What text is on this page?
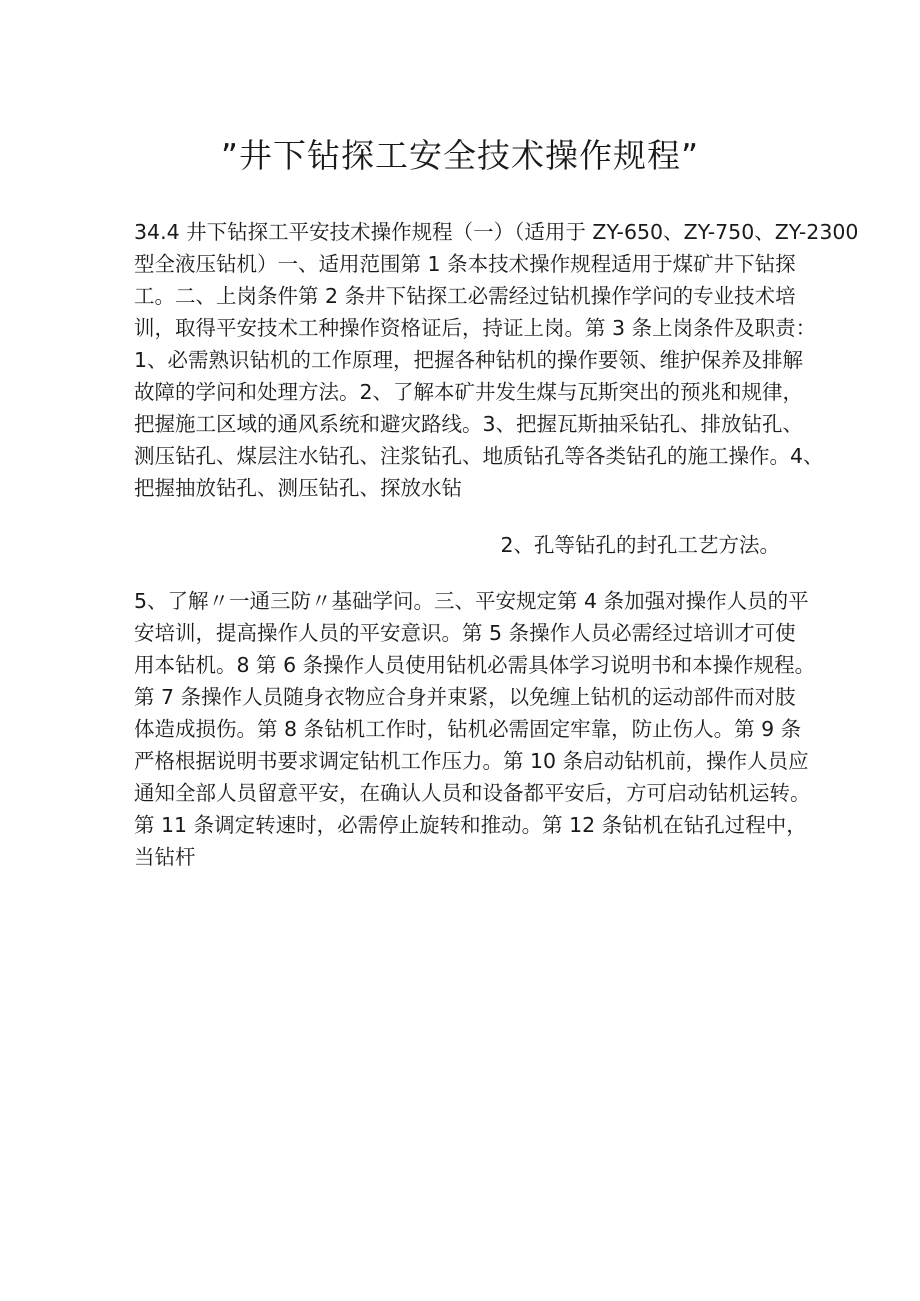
”井下钻探工安全技术操作规程”
34.4 井下钻探工平安技术操作规程（一）（适用于 ZY-650、ZY-750、ZY-2300
型全液压钻机）一、适用范围第 1 条本技术操作规程适用于煤矿井下钻探
工。二、上岗条件第 2 条井下钻探工必需经过钻机操作学问的专业技术培
训，取得平安技术工种操作资格证后，持证上岗。第 3 条上岗条件及职责：
1、必需熟识钻机的工作原理，把握各种钻机的操作要领、维护保养及排解
故障的学问和处理方法。2、了解本矿井发生煤与瓦斯突出的预兆和规律，
把握施工区域的通风系统和避灾路线。3、把握瓦斯抽采钻孔、排放钻孔、
测压钻孔、煤层注水钻孔、注浆钻孔、地质钻孔等各类钻孔的施工操作。4、
把握抽放钻孔、测压钻孔、探放水钻
2、孔等钻孔的封孔工艺方法。
5、了解〃一通三防〃基础学问。三、平安规定第 4 条加强对操作人员的平
安培训，提高操作人员的平安意识。第 5 条操作人员必需经过培训才可使
用本钻机。8 第 6 条操作人员使用钻机必需具体学习说明书和本操作规程。
第 7 条操作人员随身衣物应合身并束紧，以免缠上钻机的运动部件而对肢
体造成损伤。第 8 条钻机工作时，钻机必需固定牢靠，防止伤人。第 9 条
严格根据说明书要求调定钻机工作压力。第 10 条启动钻机前，操作人员应
通知全部人员留意平安，在确认人员和设备都平安后，方可启动钻机运转。
第 11 条调定转速时，必需停止旋转和推动。第 12 条钻机在钻孔过程中，
当钻杆
